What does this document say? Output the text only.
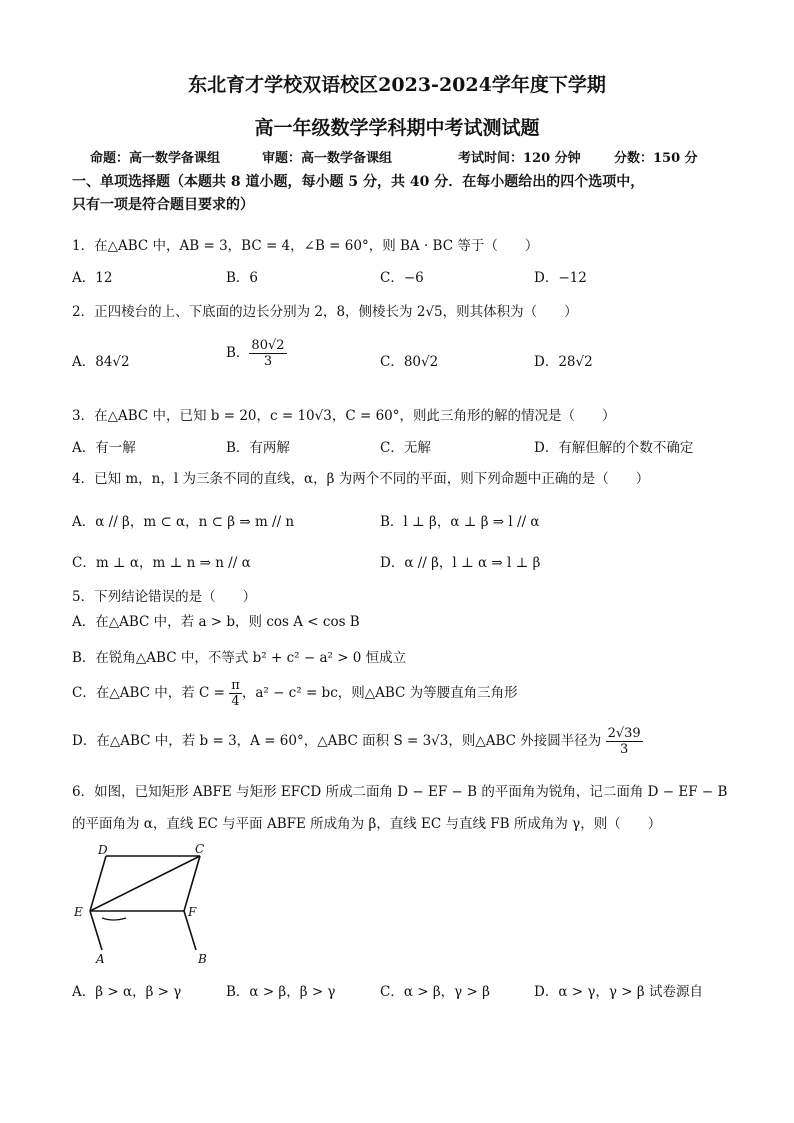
东北育才学校双语校区2023-2024学年度下学期
高一年级数学学科期中考试测试题
命题：高一数学备课组	审题：高一数学备课组	考试时间：120 分钟	分数：150 分
一、单项选择题（本题共 8 道小题，每小题 5 分，共 40 分．在每小题给出的四个选项中，
只有一项是符合题目要求的）
1．在△ABC 中，AB = 3，BC = 4，∠B = 60°，则 BA · BC 等于（　　）
A．12	B．6	C．−6	D．−12
2．正四棱台的上、下底面的边长分别为 2，8，侧棱长为 2√5，则其体积为（　　）
A．84√2
B． $\frac{80√2}{3}$	C．80√2	D．28√2
3．在△ABC 中，已知 b = 20，c = 10√3，C = 60°，则此三角形的解的情况是（　　）
A．有一解	B．有两解	C．无解	D．有解但解的个数不确定
4．已知 m，n，l 为三条不同的直线，α，β 为两个不同的平面，则下列命题中正确的是（　　）
A．α // β，m ⊂ α，n ⊂ β ⇒ m // n	B．l ⊥ β，α ⊥ β ⇒ l // α
C．m ⊥ α，m ⊥ n ⇒ n // α	D．α // β，l ⊥ α ⇒ l ⊥ β
5．下列结论错误的是（　　）
A．在△ABC 中，若 a > b，则 cos A < cos B
B．在锐角△ABC 中，不等式 b² + c² − a² > 0 恒成立
C．在△ABC 中，若 $C = \frac{\pi}{4}$ ，a² − c² = bc，则△ABC 为等腰直角三角形
D．在△ABC 中，若 b = 3，A = 60°，△ABC 面积 S = 3√3，则△ABC 外接圆半径为 $\frac{2√39}{3}$
6．如图，已知矩形 ABFE 与矩形 EFCD 所成二面角 D − EF − B 的平面角为锐角，记二面角 D − EF − B
的平面角为 α，直线 EC 与平面 ABFE 所成角为 β，直线 EC 与直线 FB 所成角为 γ，则（　　）
D	C
E	F
A	B
A．β > α，β > γ	B．α > β，β > γ	C．α > β，γ > β	D．α > γ，γ > β 试卷源自
